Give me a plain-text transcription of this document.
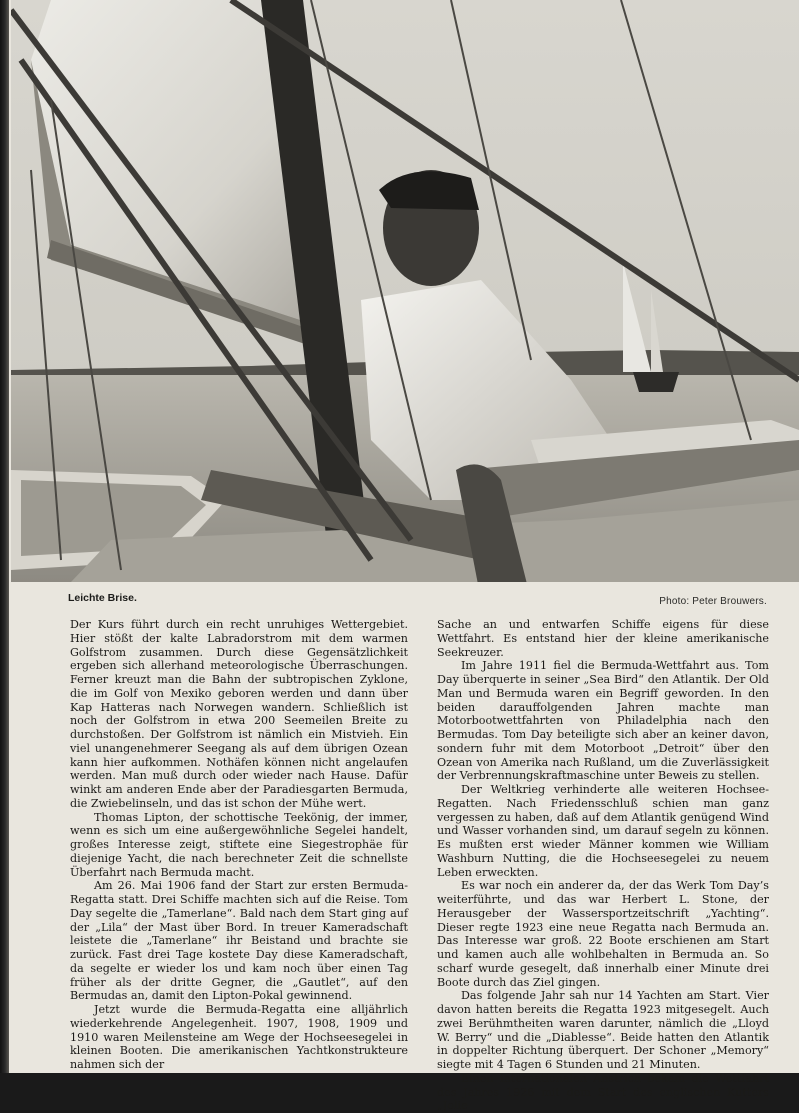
Leichte Brise.	Photo: Peter Brouwers.

Der Kurs führt durch ein recht unruhiges Wettergebiet. Hier stößt der kalte Labradorstrom mit dem warmen Golfstrom zusammen. Durch diese Gegensätzlichkeit ergeben sich allerhand meteorologische Überraschungen. Ferner kreuzt man die Bahn der subtropischen Zyklone, die im Golf von Mexiko geboren werden und dann über Kap Hatteras nach Norwegen wandern. Schließlich ist noch der Golfstrom in etwa 200 Seemeilen Breite zu durchstoßen. Der Golfstrom ist nämlich ein Mistvieh. Ein viel unangenehmerer Seegang als auf dem übrigen Ozean kann hier aufkommen. Nothäfen können nicht angelaufen werden. Man muß durch oder wieder nach Hause. Dafür winkt am anderen Ende aber der Paradiesgarten Bermuda, die Zwiebelinseln, und das ist schon der Mühe wert.

Thomas Lipton, der schottische Teekönig, der immer, wenn es sich um eine außergewöhnliche Segelei handelt, großes Interesse zeigt, stiftete eine Siegestrophäe für diejenige Yacht, die nach berechneter Zeit die schnellste Überfahrt nach Bermuda macht.

Am 26. Mai 1906 fand der Start zur ersten Bermuda-Regatta statt. Drei Schiffe machten sich auf die Reise. Tom Day segelte die „Tamerlane“. Bald nach dem Start ging auf der „Lila“ der Mast über Bord. In treuer Kameradschaft leistete die „Tamerlane“ ihr Beistand und brachte sie zurück. Fast drei Tage kostete Day diese Kameradschaft, da segelte er wieder los und kam noch über einen Tag früher als der dritte Gegner, die „Gautlet“, auf den Bermudas an, damit den Lipton-Pokal gewinnend.

Jetzt wurde die Bermuda-Regatta eine alljährlich wiederkehrende Angelegenheit. 1907, 1908, 1909 und 1910 waren Meilensteine am Wege der Hochseesegelei in kleinen Booten. Die amerikanischen Yachtkonstrukteure nahmen sich der

Sache an und entwarfen Schiffe eigens für diese Wettfahrt. Es entstand hier der kleine amerikanische Seekreuzer.

Im Jahre 1911 fiel die Bermuda-Wettfahrt aus. Tom Day überquerte in seiner „Sea Bird“ den Atlantik. Der Old Man und Bermuda waren ein Begriff geworden. In den beiden darauffolgenden Jahren machte man Motorbootwettfahrten von Philadelphia nach den Bermudas. Tom Day beteiligte sich aber an keiner davon, sondern fuhr mit dem Motorboot „Detroit“ über den Ozean von Amerika nach Rußland, um die Zuverlässigkeit der Verbrennungskraftmaschine unter Beweis zu stellen.

Der Weltkrieg verhinderte alle weiteren Hochsee-Regatten. Nach Friedensschluß schien man ganz vergessen zu haben, daß auf dem Atlantik genügend Wind und Wasser vorhanden sind, um darauf segeln zu können. Es mußten erst wieder Männer kommen wie William Washburn Nutting, die die Hochseesegelei zu neuem Leben erweckten.

Es war noch ein anderer da, der das Werk Tom Day’s weiterführte, und das war Herbert L. Stone, der Herausgeber der Wassersportzeitschrift „Yachting“. Dieser regte 1923 eine neue Regatta nach Bermuda an. Das Interesse war groß. 22 Boote erschienen am Start und kamen auch alle wohlbehalten in Bermuda an. So scharf wurde gesegelt, daß innerhalb einer Minute drei Boote durch das Ziel gingen.

Das folgende Jahr sah nur 14 Yachten am Start. Vier davon hatten bereits die Regatta 1923 mitgesegelt. Auch zwei Berühmtheiten waren darunter, nämlich die „Lloyd W. Berry“ und die „Diablesse“. Beide hatten den Atlantik in doppelter Richtung überquert. Der Schoner „Memory“ siegte mit 4 Tagen 6 Stunden und 21 Minuten.

Einen internationalen Anstrich bekam die Wettfahrt des Jahres 1926 mit dem Start des englischen Kutters „Jolie
